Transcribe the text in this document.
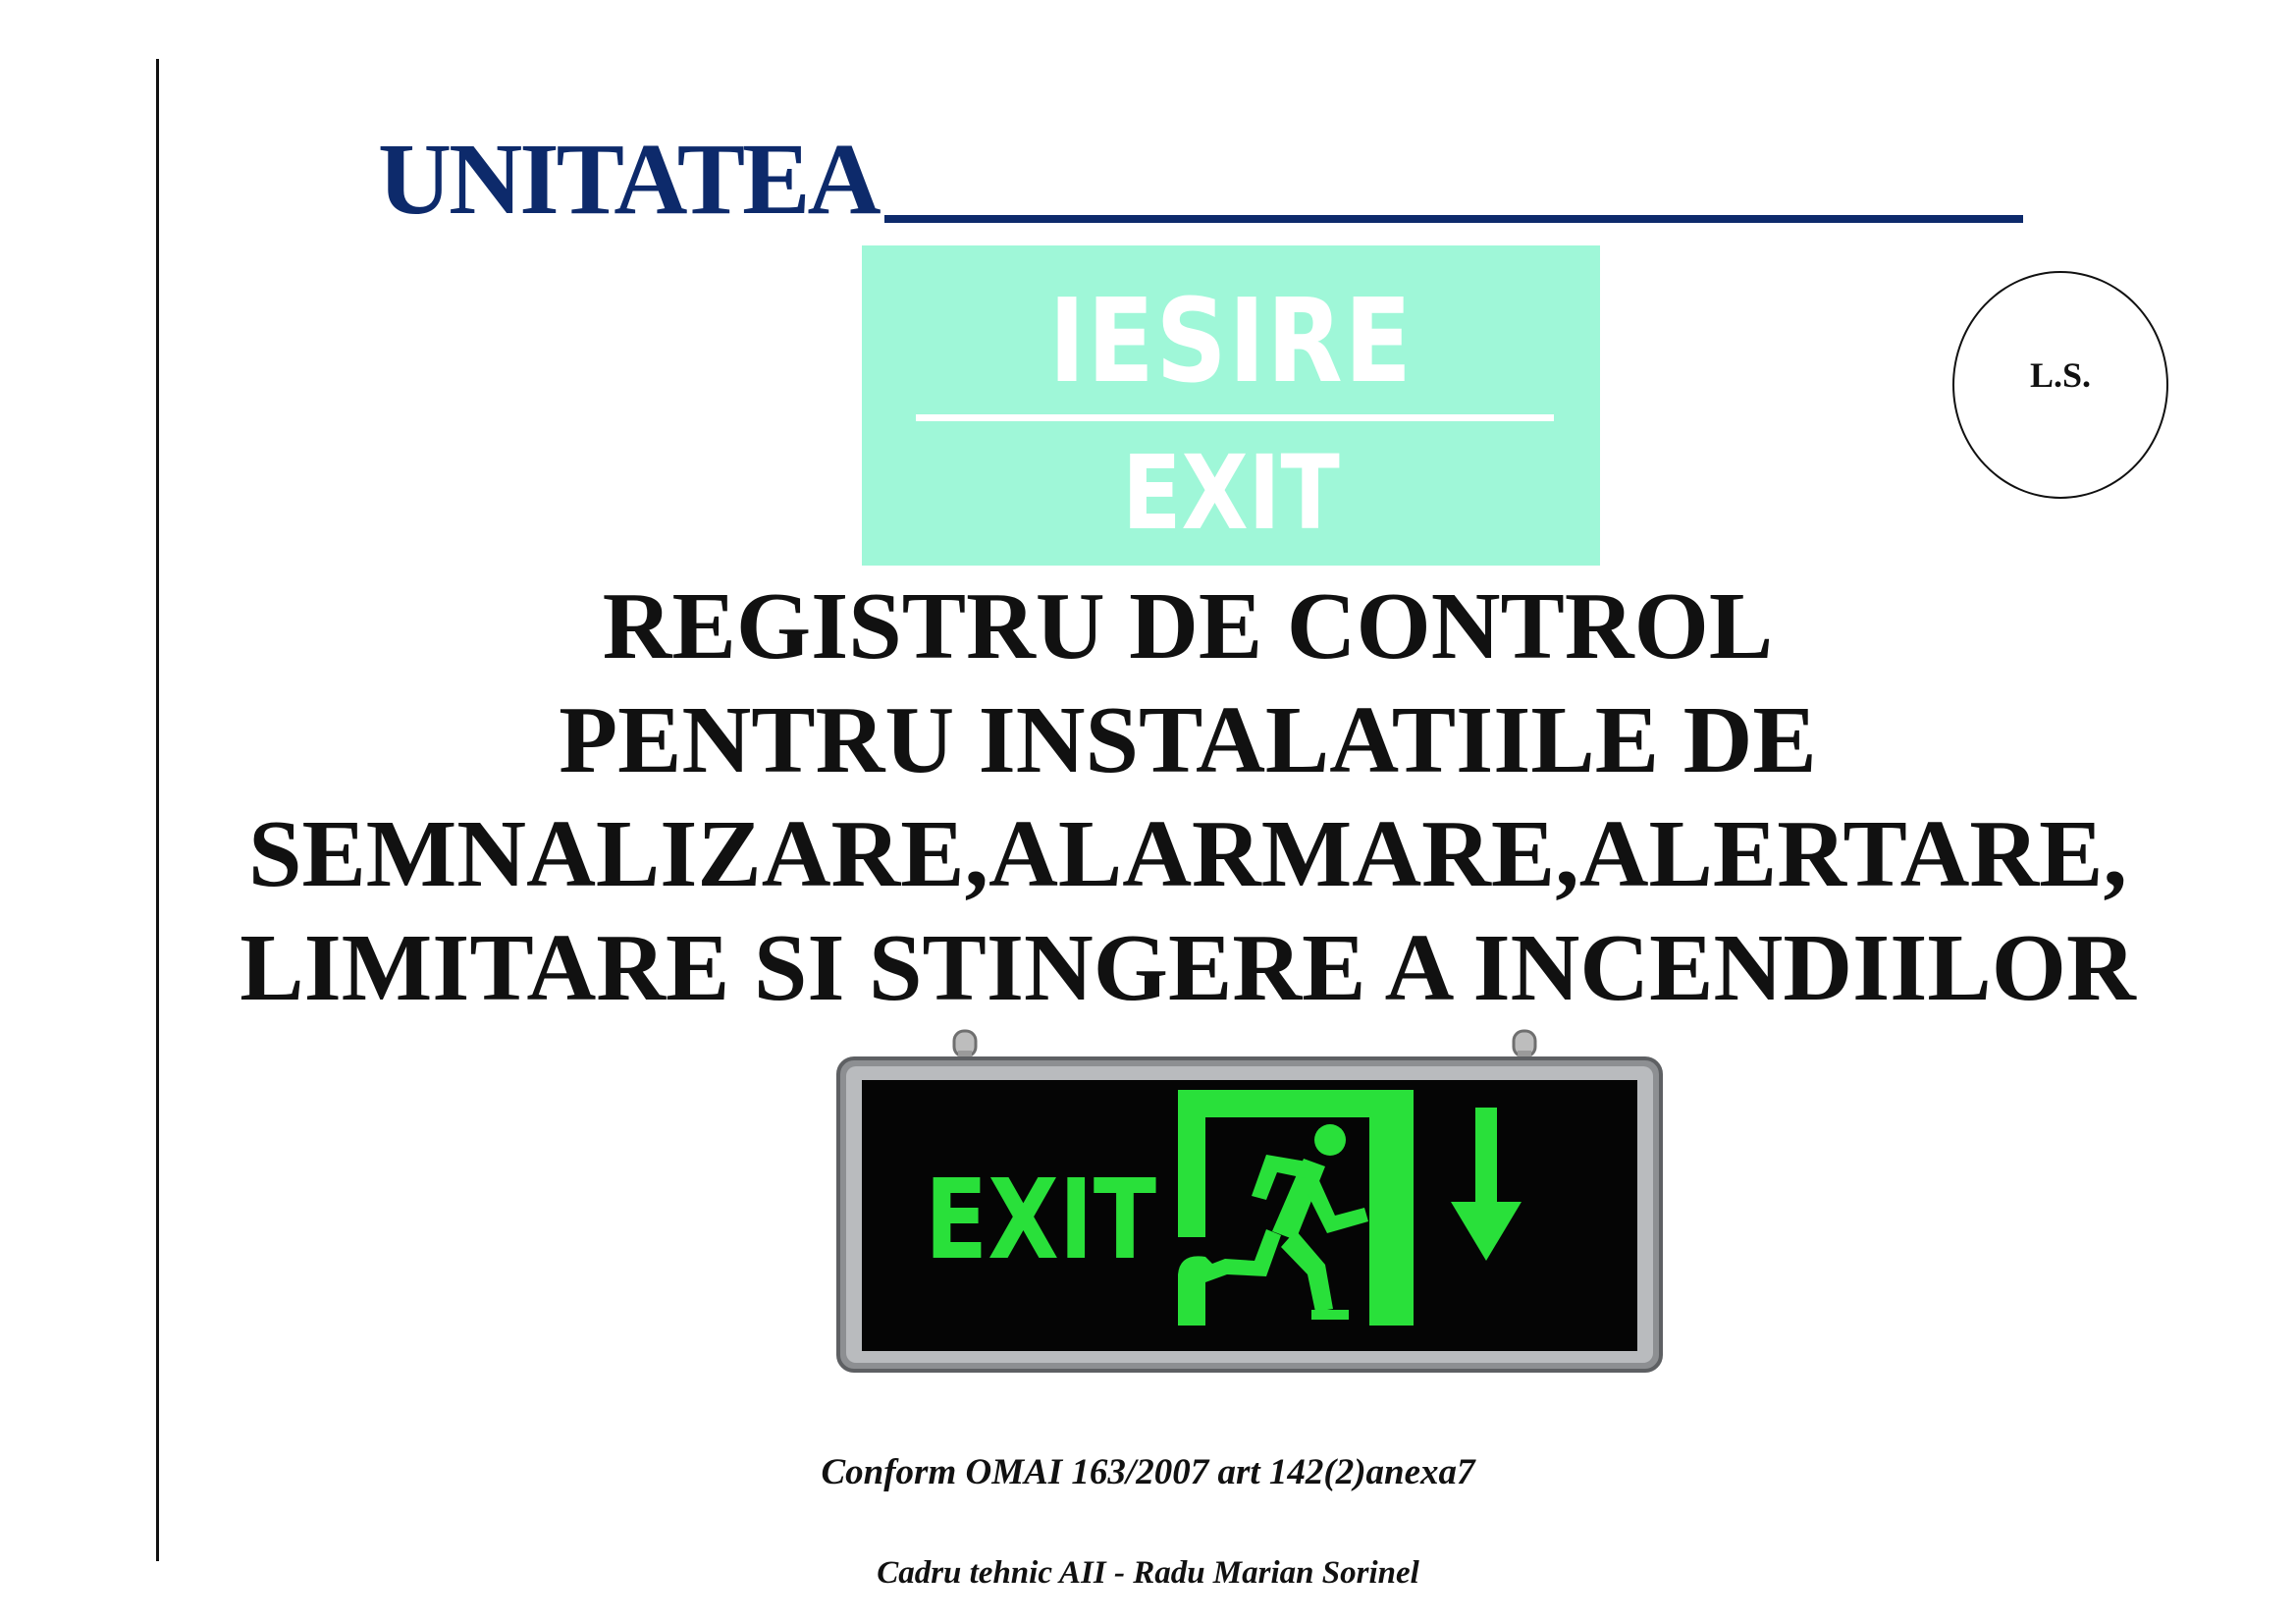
UNITATEA
IESIRE
EXIT
L.S.
REGISTRU DE CONTROL
PENTRU INSTALATIILE DE
SEMNALIZARE,ALARMARE,ALERTARE,
LIMITARE SI STINGERE A INCENDIILOR
EXIT
Conform OMAI 163/2007 art 142(2)anexa7
Cadru tehnic AII - Radu Marian Sorinel
